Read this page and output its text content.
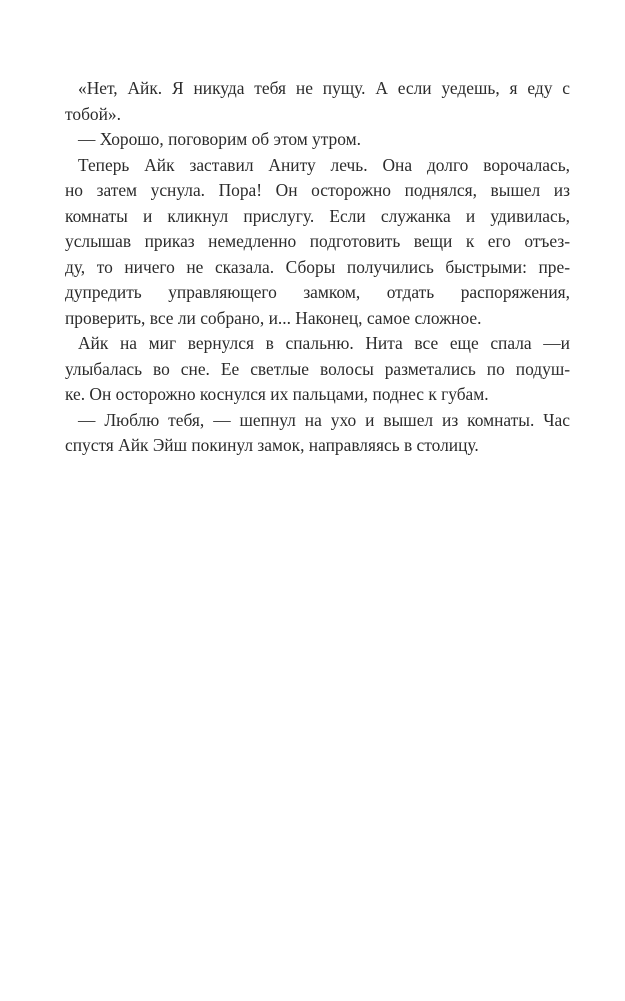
«Нет, Айк. Я никуда тебя не пущу. А если уедешь, я еду с
тобой».
— Хорошо, поговорим об этом утром.
Теперь Айк заставил Аниту лечь. Она долго ворочалась,
но затем уснула. Пора! Он осторожно поднялся, вышел из
комнаты и кликнул прислугу. Если служанка и удивилась,
услышав приказ немедленно подготовить вещи к его отъез-
ду, то ничего не сказала. Сборы получились быстрыми: пре-
дупредить управляющего замком, отдать распоряжения,
проверить, все ли собрано, и... Наконец, самое сложное.
Айк на миг вернулся в спальню. Нита все еще спала —и
улыбалась во сне. Ее светлые волосы разметались по подуш-
ке. Он осторожно коснулся их пальцами, поднес к губам.
— Люблю тебя, — шепнул на ухо и вышел из комнаты. Час
спустя Айк Эйш покинул замок, направляясь в столицу.
